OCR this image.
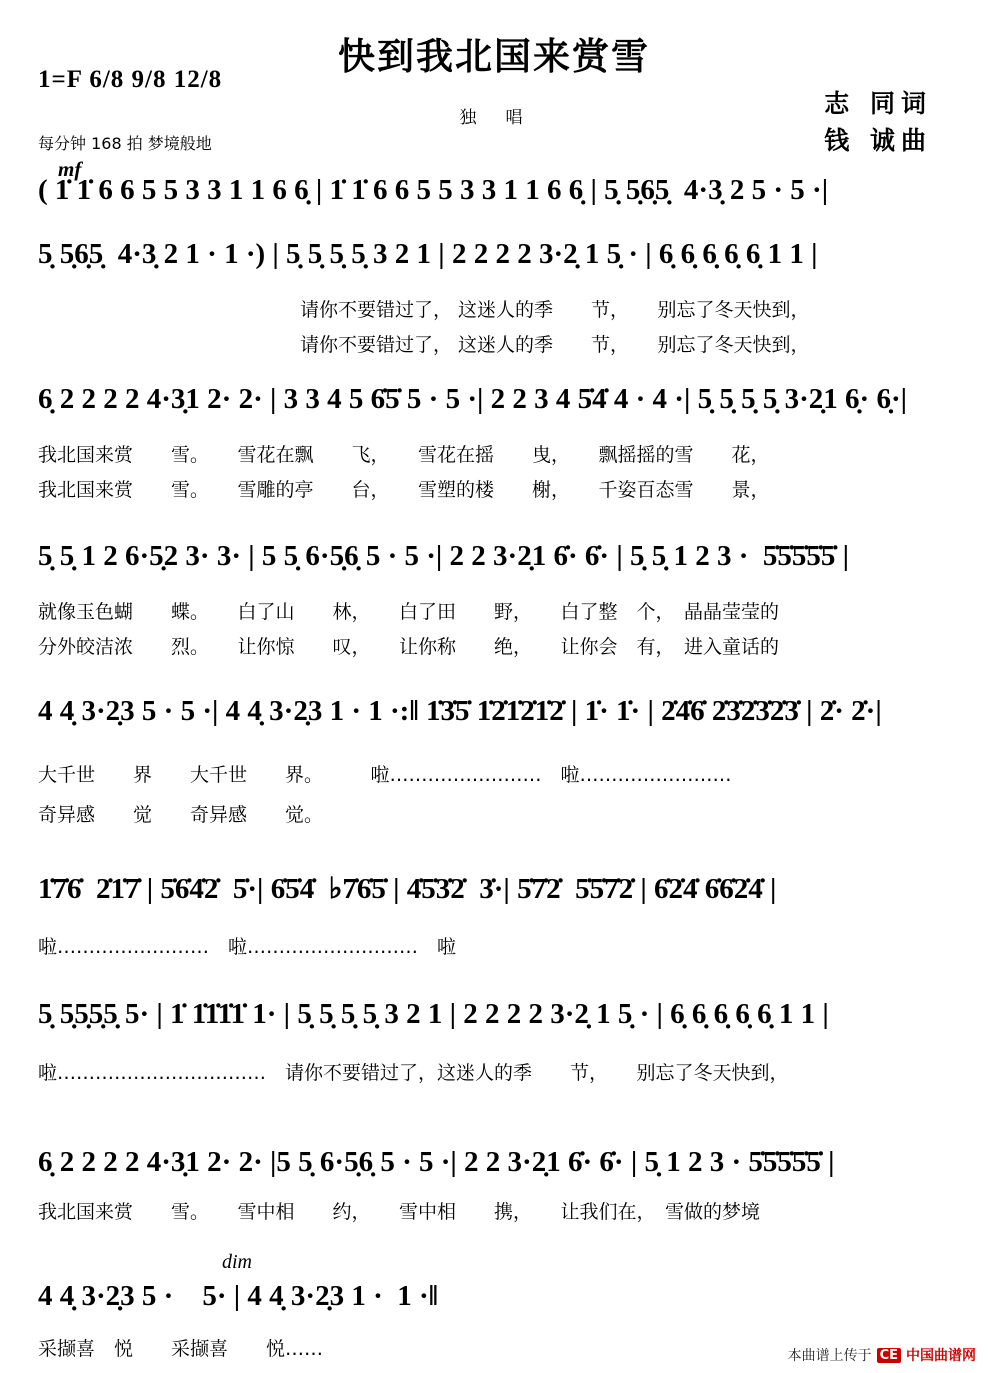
快到我北国来赏雪
1=F 6/8 9/8 12/8
独　唱	志 同词
钱 诚曲
每分钟 168 拍 梦境般地
mf
dim
( 1̇ 1̇ 6 6 5 5 3 3 1 1 6 6̣ | 1̇ 1̇ 6 6 5 5 3 3 1 1 6 6̣ | 5̣ 5̣6̣5̣  4·3̣ 2 5 · 5 ·|
5̣ 5̣6̣5̣  4·3̣ 2 1 · 1 ·) | 5̣ 5̣ 5̣ 5̣ 3 2 1 | 2 2 2 2 3·2̣ 1 5̣ · | 6̣ 6̣ 6̣ 6̣ 6̣ 1 1 |
请你不要错过了， 这迷人的季　　节，　　别忘了冬天快到，
请你不要错过了， 这迷人的季　　节，　　别忘了冬天快到，
6̣ 2 2 2 2 4·3̣1 2· 2· | 3 3 4 5 6̇5̇ 5 · 5 ·| 2 2 3 4 5̇4̇ 4 · 4 ·| 5̣ 5̣ 5̣ 5̣ 3·2̣1 6̣· 6̣·|
我北国来赏　　雪。　　雪花在飘　　飞，　　雪花在摇　　曳，　　飘摇摇的雪　　花，
我北国来赏　　雪。　　雪雕的亭　　台，　　雪塑的楼　　榭，　　千姿百态雪　　景，
5̣ 5̣ 1 2 6·5̣2 3· 3· | 5 5̣ 6·5̣6̣ 5 · 5 ·| 2 2 3·2̣1 6̇· 6̇· | 5̣ 5̣ 1 2 3 ·  5̇5̇5̇5̇5̇ |
就像玉色蝴　　蝶。　　白了山　　林，　　白了田　　野，　　白了整　个，　晶晶莹莹的
分外皎洁浓　　烈。　　让你惊　　叹，　　让你称　　绝，　　让你会　有，　进入童话的
4 4̣ 3·2̣3 5 · 5 ·| 4 4̣ 3·2̣3 1 · 1 ·:‖ 1̇3̇5̇ 1̇2̇1̇2̇1̇2̇ | 1̇· 1̇· | 2̇4̇6̇ 2̇3̇2̇3̇2̇3̇ | 2̇· 2̇·|
大千世　　界　　大千世　　界。　　　啦……………………　啦……………………
奇异感　　觉　　奇异感　　觉。
1̇7̇6̇  2̇1̇7̇ | 5̇6̇4̇2̇  5̇·| 6̇5̇4̇  ♭7̇6̇5̇ | 4̇5̇3̇2̇  3̇·| 5̇7̇2̇  5̇5̇7̇2̇ | 6̇2̇4̇ 6̇6̇2̇4̇ |
啦……………………　啦………………………　啦
5̣ 5̣5̣5̣5̣ 5· | 1̇ 1̇1̇1̇1̇ 1· | 5̣ 5̣ 5̣ 5̣ 3 2 1 | 2 2 2 2 3·2̣ 1 5̣ · | 6̣ 6̣ 6̣ 6̣ 6̣ 1 1 |
啦……………………………　请你不要错过了，这迷人的季　　节，　　别忘了冬天快到，
6̣ 2 2 2 2 4·3̣1 2· 2· |5 5̣ 6·5̣6̣ 5 · 5 ·| 2 2 3·2̣1 6̇· 6̇· | 5̣ 1 2 3 · 5̇5̇5̇5̇5̇ |
我北国来赏　　雪。　　雪中相　　约，　　雪中相　　携，　　让我们在，　雪做的梦境
4 4̣ 3·2̣3 5 ·    5· | 4 4̣ 3·2̣3 1 ·  1 ·‖
采撷喜　悦　　采撷喜　　悦……	本曲谱上传于 CE 中国曲谱网
